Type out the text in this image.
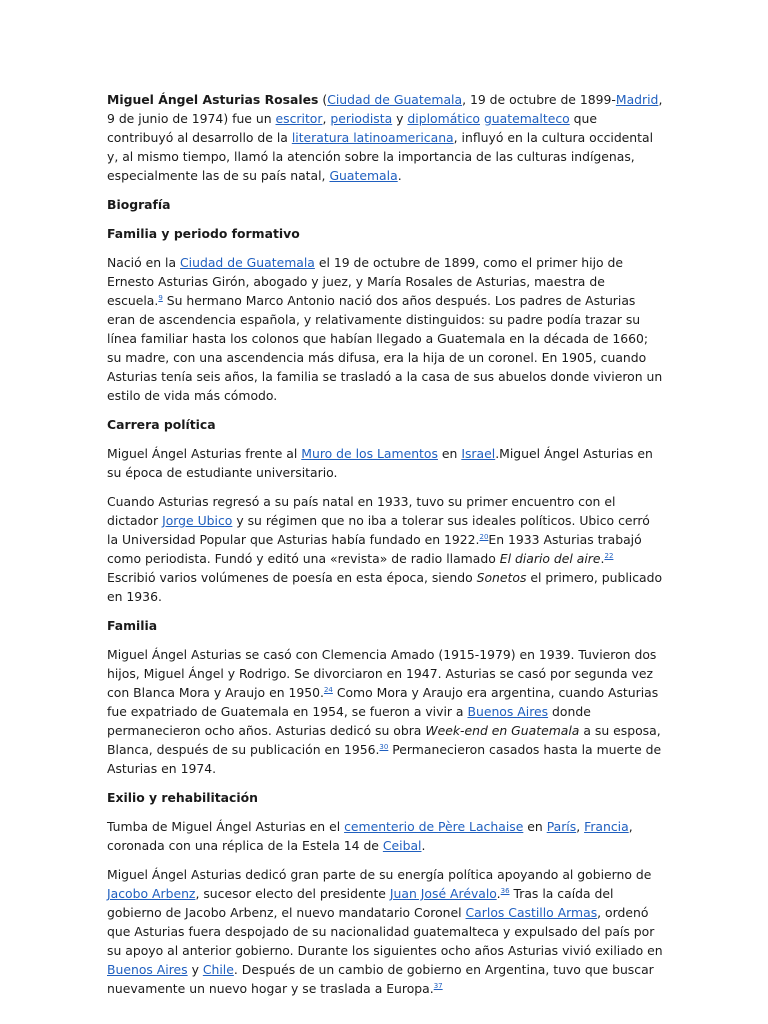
Miguel Ángel Asturias Rosales (Ciudad de Guatemala, 19 de octubre de 1899-Madrid, 9 de junio de 1974) fue un escritor, periodista y diplomático guatemalteco que contribuyó al desarrollo de la literatura latinoamericana, influyó en la cultura occidental y, al mismo tiempo, llamó la atención sobre la importancia de las culturas indígenas, especialmente las de su país natal, Guatemala.

Biografía

Familia y periodo formativo

Nació en la Ciudad de Guatemala el 19 de octubre de 1899, como el primer hijo de Ernesto Asturias Girón, abogado y juez, y María Rosales de Asturias, maestra de escuela.$^9$ Su hermano Marco Antonio nació dos años después. Los padres de Asturias eran de ascendencia española, y relativamente distinguidos: su padre podía trazar su línea familiar hasta los colonos que habían llegado a Guatemala en la década de 1660; su madre, con una ascendencia más difusa, era la hija de un coronel. En 1905, cuando Asturias tenía seis años, la familia se trasladó a la casa de sus abuelos donde vivieron un estilo de vida más cómodo.

Carrera política

Miguel Ángel Asturias frente al Muro de los Lamentos en Israel.Miguel Ángel Asturias en su época de estudiante universitario.

Cuando Asturias regresó a su país natal en 1933, tuvo su primer encuentro con el dictador Jorge Ubico y su régimen que no iba a tolerar sus ideales políticos. Ubico cerró la Universidad Popular que Asturias había fundado en 1922.20En 1933 Asturias trabajó como periodista. Fundó y editó una «revista» de radio llamado El diario del aire.$^{22}$ Escribió varios volúmenes de poesía en esta época, siendo Sonetos el primero, publicado en 1936.

Familia

Miguel Ángel Asturias se casó con Clemencia Amado (1915-1979) en 1939. Tuvieron dos hijos, Miguel Ángel y Rodrigo. Se divorciaron en 1947. Asturias se casó por segunda vez con Blanca Mora y Araujo en 1950.24 Como Mora y Araujo era argentina, cuando Asturias fue expatriado de Guatemala en 1954, se fueron a vivir a Buenos Aires donde permanecieron ocho años. Asturias dedicó su obra Week-end en Guatemala a su esposa, Blanca, después de su publicación en 1956.30 Permanecieron casados hasta la muerte de Asturias en 1974.

Exilio y rehabilitación

Tumba de Miguel Ángel Asturias en el cementerio de Père Lachaise en París, Francia, coronada con una réplica de la Estela 14 de Ceibal.

Miguel Ángel Asturias dedicó gran parte de su energía política apoyando al gobierno de Jacobo Arbenz, sucesor electo del presidente Juan José Arévalo.$^{36}$ Tras la caída del gobierno de Jacobo Arbenz, el nuevo mandatario Coronel Carlos Castillo Armas, ordenó que Asturias fuera despojado de su nacionalidad guatemalteca y expulsado del país por su apoyo al anterior gobierno. Durante los siguientes ocho años Asturias vivió exiliado en Buenos Aires y Chile. Después de un cambio de gobierno en Argentina, tuvo que buscar nuevamente un nuevo hogar y se traslada a Europa.$^{37}$
